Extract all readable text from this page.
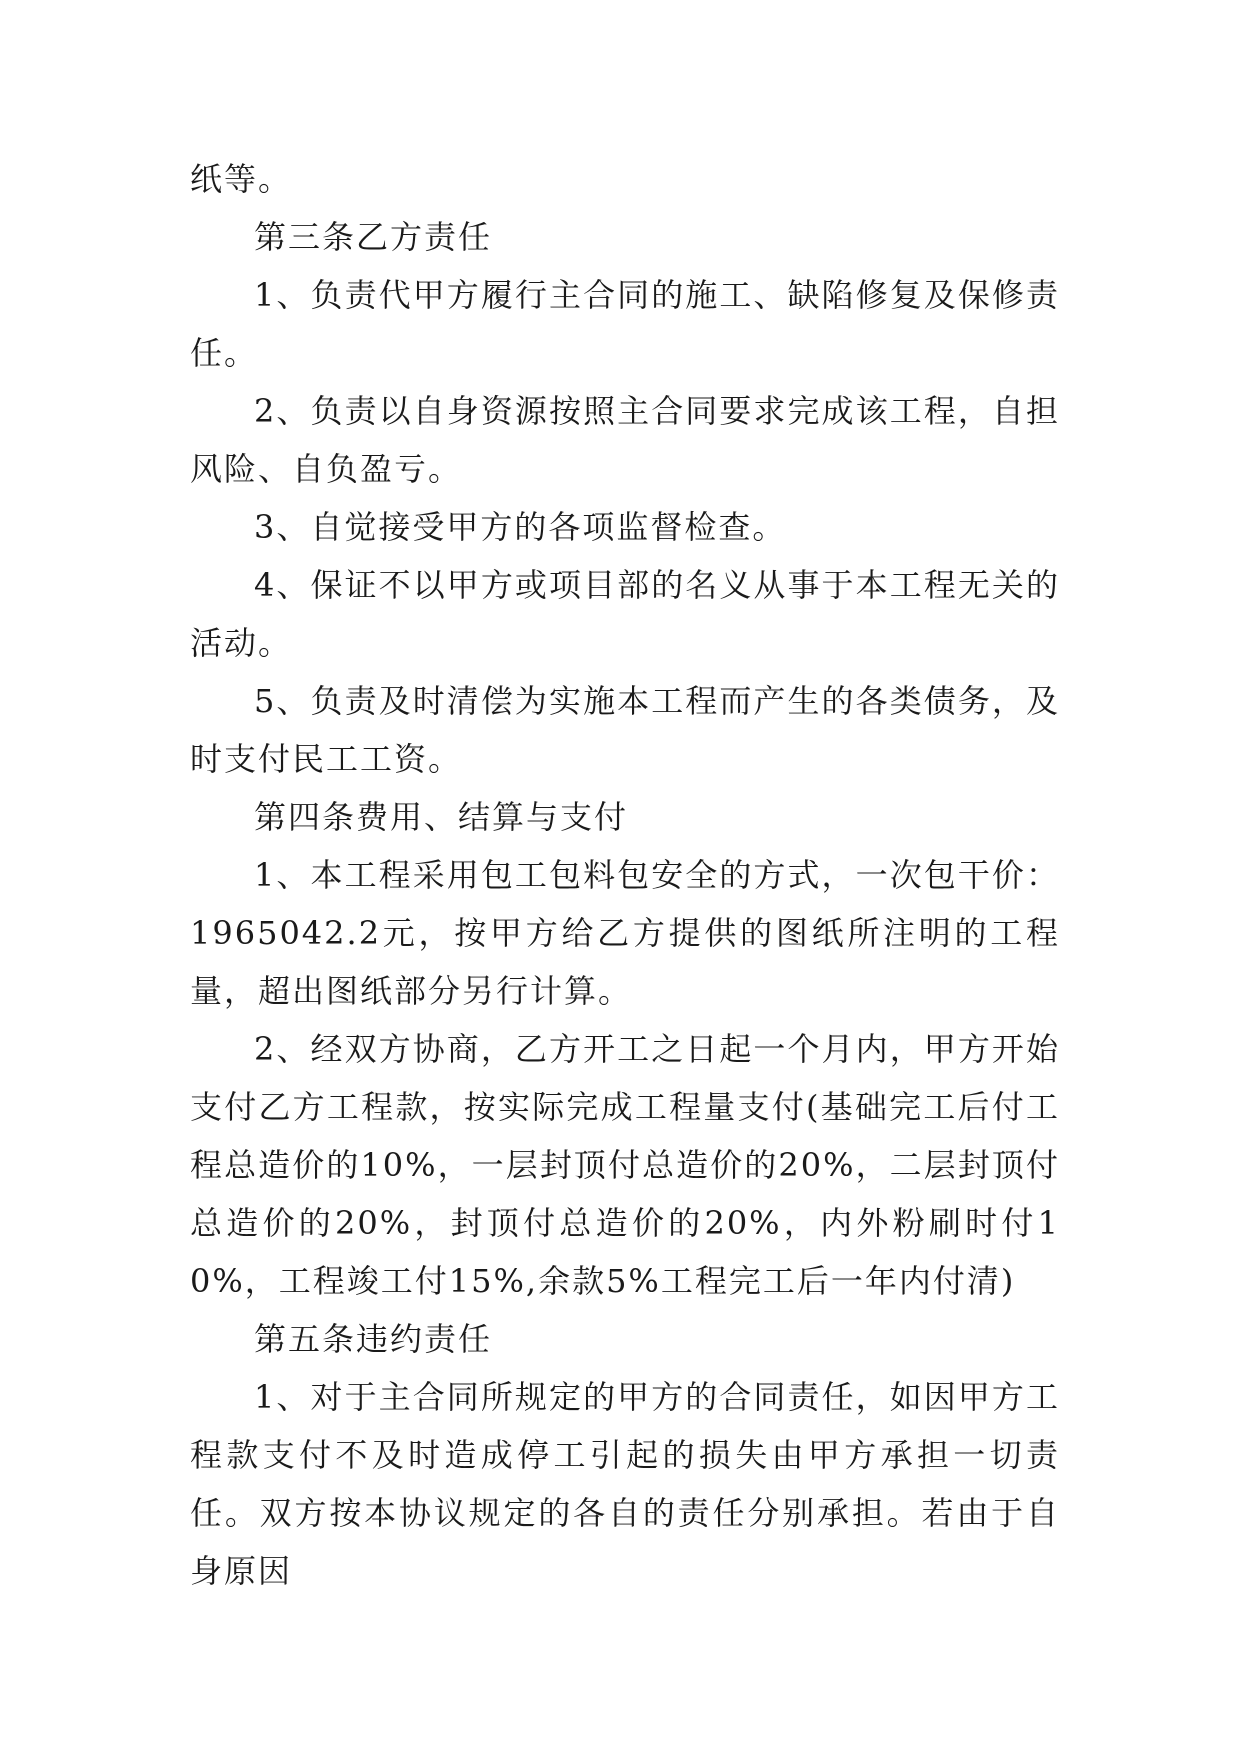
纸等。

第三条乙方责任

1、负责代甲方履行主合同的施工、缺陷修复及保修责任。

2、负责以自身资源按照主合同要求完成该工程，自担风险、自负盈亏。

3、自觉接受甲方的各项监督检查。

4、保证不以甲方或项目部的名义从事于本工程无关的活动。

5、负责及时清偿为实施本工程而产生的各类债务，及时支付民工工资。

第四条费用、结算与支付

1、本工程采用包工包料包安全的方式，一次包干价：1965042.2元，按甲方给乙方提供的图纸所注明的工程量，超出图纸部分另行计算。

2、经双方协商，乙方开工之日起一个月内，甲方开始支付乙方工程款，按实际完成工程量支付(基础完工后付工程总造价的10%，一层封顶付总造价的20%，二层封顶付总造价的20%，封顶付总造价的20%，内外粉刷时付10%，工程竣工付15%,余款5%工程完工后一年内付清)

第五条违约责任

1、对于主合同所规定的甲方的合同责任，如因甲方工程款支付不及时造成停工引起的损失由甲方承担一切责任。双方按本协议规定的各自的责任分别承担。若由于自身原因
